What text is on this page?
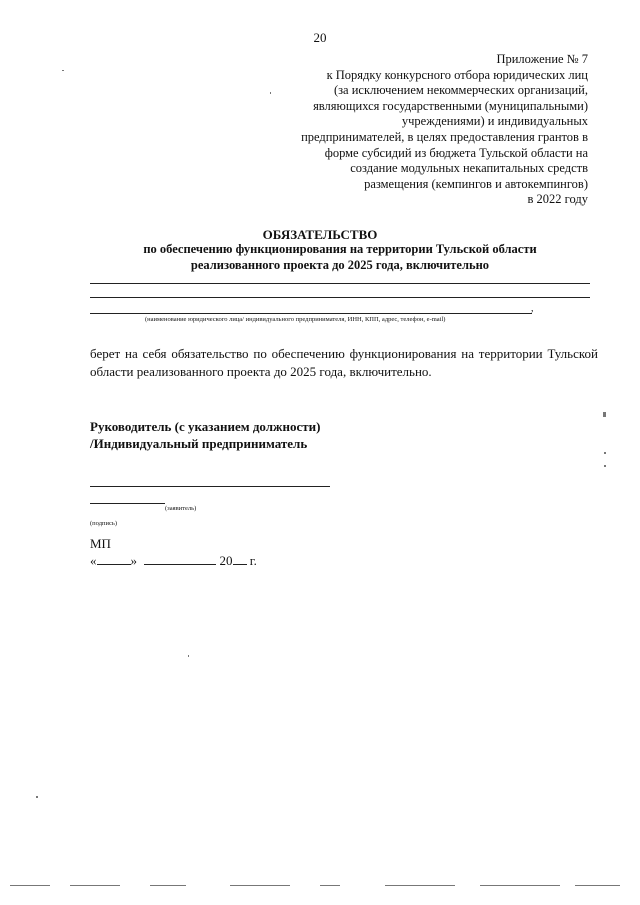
20
Приложение № 7
к Порядку конкурсного отбора юридических лиц
(за исключением некоммерческих организаций,
являющихся государственными (муниципальными)
учреждениями) и индивидуальных
предпринимателей, в целях предоставления грантов в
форме субсидий из бюджета Тульской области на
создание модульных некапитальных средств
размещения (кемпингов и автокемпингов)
в 2022 году
ОБЯЗАТЕЛЬСТВО
по обеспечению функционирования на территории Тульской области
реализованного проекта до 2025 года, включительно
,
(наименование юридического лица/ индивидуального предпринимателя, ИНН, КПП, адрес, телефон, e-mail)
берет на себя обязательство по обеспечению функционирования на территории Тульской области реализованного проекта до 2025 года, включительно.
Руководитель (с указанием должности)
/Индивидуальный предприниматель
(заявитель)
(подпись)
МП
«	»	20 г.
